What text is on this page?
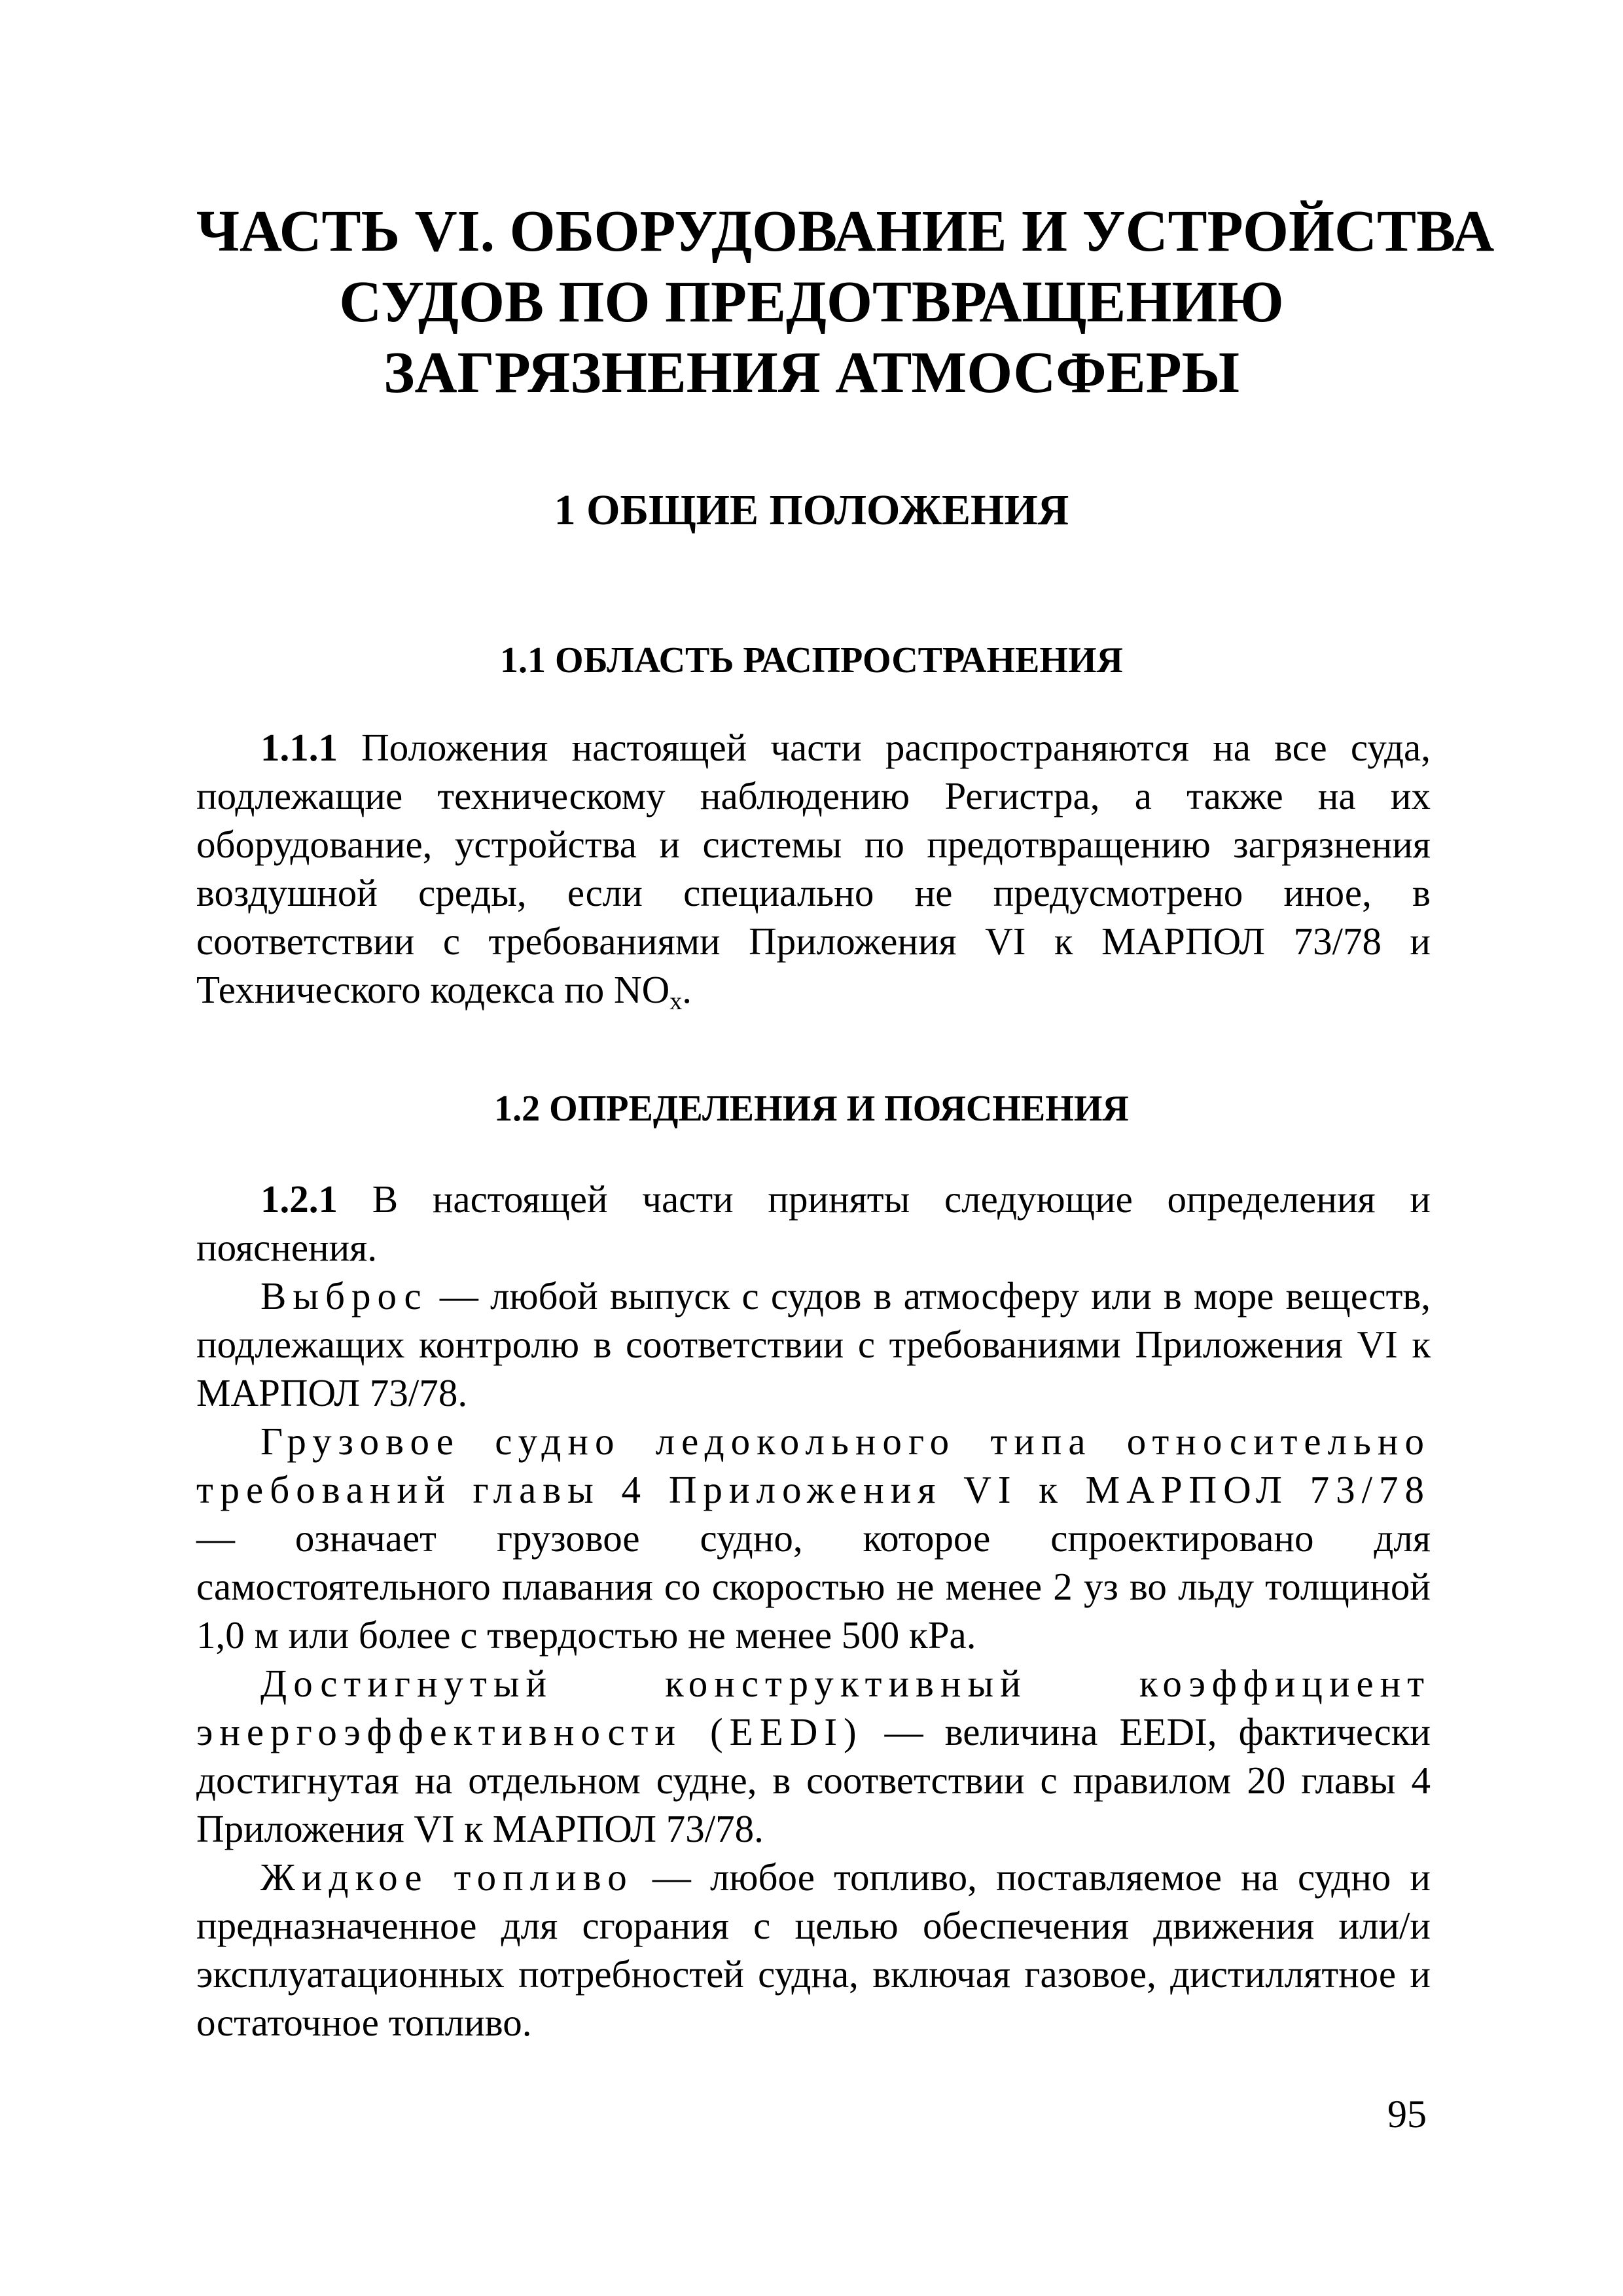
ЧАСТЬ VI. ОБОРУДОВАНИЕ И УСТРОЙСТВА
СУДОВ ПО ПРЕДОТВРАЩЕНИЮ
ЗАГРЯЗНЕНИЯ АТМОСФЕРЫ
1 ОБЩИЕ ПОЛОЖЕНИЯ
1.1 ОБЛАСТЬ РАСПРОСТРАНЕНИЯ

1.1.1 Положения настоящей части распространяются на все суда, подлежащие техническому наблюдению Регистра, а также на их оборудование, устройства и системы по предотвращению загрязнения воздушной среды, если специально не предусмотрено иное, в соответствии с требованиями Приложения VI к МАРПОЛ 73/78 и Технического кодекса по $NO_x$.

1.2 ОПРЕДЕЛЕНИЯ И ПОЯСНЕНИЯ

1.2.1 В настоящей части приняты следующие определения и пояснения.

Выброс — любой выпуск с судов в атмосферу или в море веществ, подлежащих контролю в соответствии с требованиями Приложения VI к МАРПОЛ 73/78.

Грузовое судно ледокольного типа относительно требований главы 4 Приложения VI к МАРПОЛ 73/78 — означает грузовое судно, которое спроектировано для самостоятельного плавания со скоростью не менее 2 уз во льду толщиной 1,0 м или более с твердостью не менее 500 кРа.

Достигнутый конструктивный коэффициент энергоэффективности (EEDI) — величина EEDI, фактически достигнутая на отдельном судне, в соответствии с правилом 20 главы 4 Приложения VI к МАРПОЛ 73/78.

Жидкое топливо — любое топливо, поставляемое на судно и предназначенное для сгорания с целью обеспечения движения или/и эксплуатационных потребностей судна, включая газовое, дистиллятное и остаточное топливо.

95
